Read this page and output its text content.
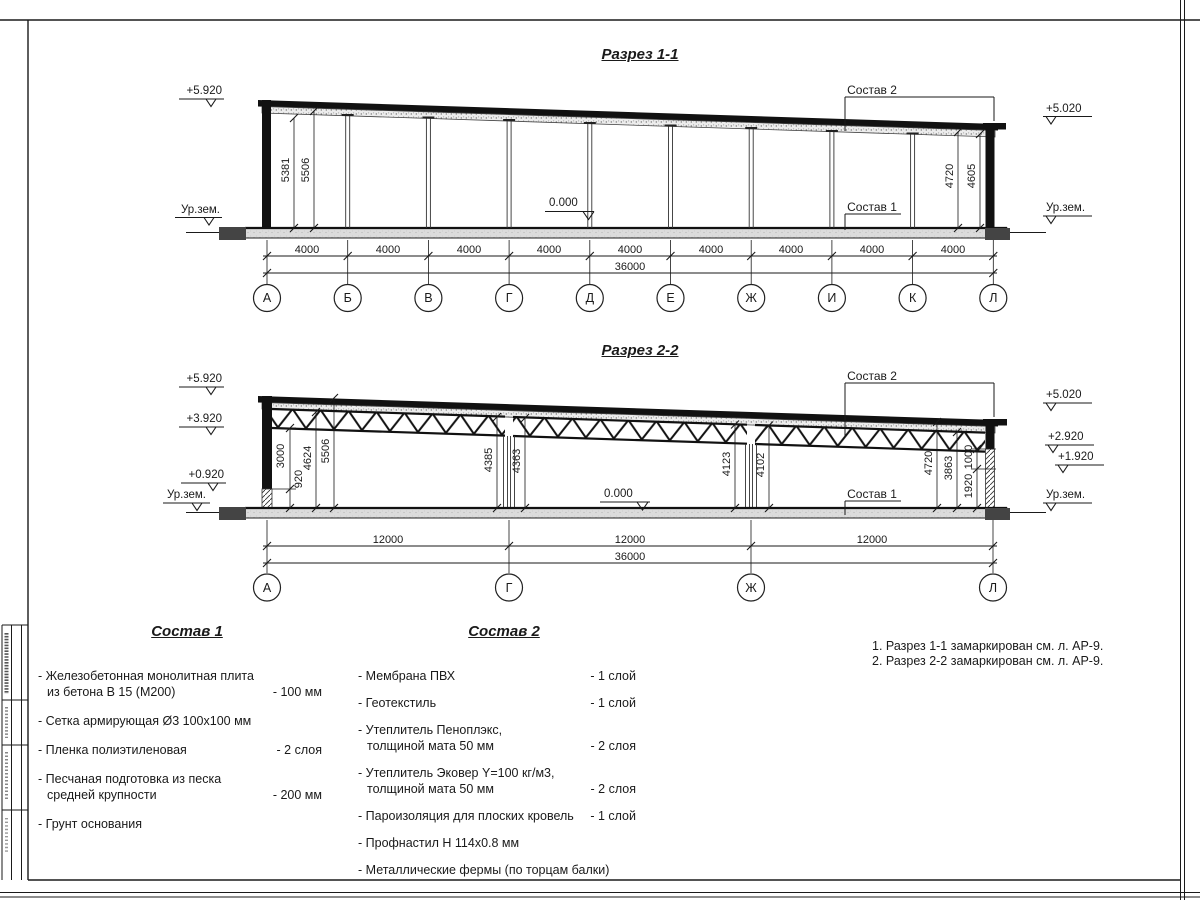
Разрез 1-1
+5.920
Ур.зем.
+5.020
Ур.зем.
0.000
5381 5506	4720 4605
Состав 2
Состав 1
4000	4000	4000	4000	4000	4000	4000	4000	4000
36000
А	Б	В	Г	Д	Е	Ж	И	К	Л
Разрез 2-2
+5.920
+3.920
+0.920
Ур.зем.
+5.020
+2.920
+1.920
Ур.зем.
0.000
3000
920
4624 5506	4385 4363	4123 4102	4720 3863 1000
1920
Состав 2
Состав 1
12000	12000	12000
36000
А	Г	Ж	Л
Состав 1
- Железобетонная монолитная плита
из бетона В 15 (М200)	- 100 мм
- Сетка армирующая Ø3 100х100 мм
- Пленка полиэтиленовая	- 2 слоя
- Песчаная подготовка из песка
средней крупности	- 200 мм
- Грунт основания
Состав 2
- Мембрана ПВХ	- 1 слой
- Геотекстиль	- 1 слой
- Утеплитель Пеноплэкс,
толщиной мата 50 мм	- 2 слоя
- Утеплитель Эковер Y=100 кг/м3,
толщиной мата 50 мм	- 2 слоя
- Пароизоляция для плоских кровель	- 1 слой
- Профнастил Н 114х0.8 мм
- Металлические фермы (по торцам балки)
1. Разрез 1-1 замаркирован см. л. АР-9.
2. Разрез 2-2 замаркирован см. л. АР-9.
